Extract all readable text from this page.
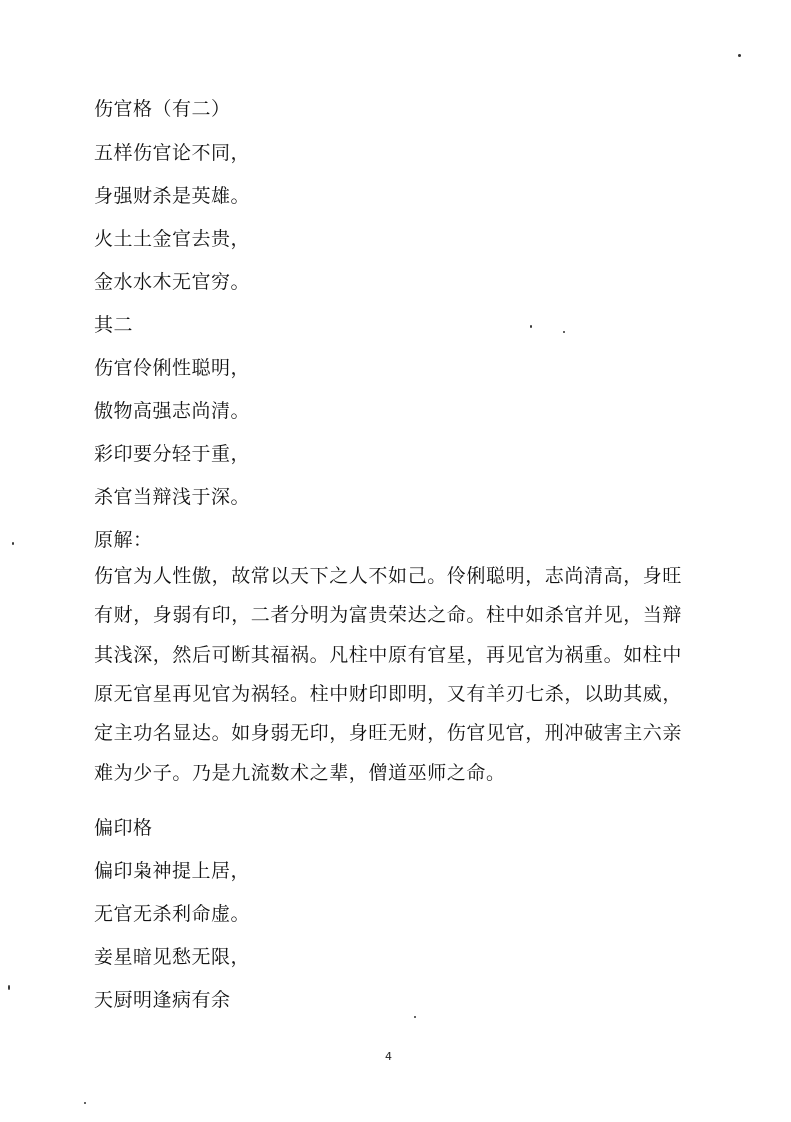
伤官格（有二）
五样伤官论不同，
身强财杀是英雄。
火土土金官去贵，
金水水木无官穷。
其二
伤官伶俐性聪明，
傲物高强志尚清。
彩印要分轻于重，
杀官当辩浅于深。
原解：
伤官为人性傲，故常以天下之人不如己。伶俐聪明，志尚清高，身旺
有财，身弱有印，二者分明为富贵荣达之命。柱中如杀官并见，当辩
其浅深，然后可断其福祸。凡柱中原有官星，再见官为祸重。如柱中
原无官星再见官为祸轻。柱中财印即明，又有羊刃七杀，以助其威，
定主功名显达。如身弱无印，身旺无财，伤官见官，刑冲破害主六亲
难为少子。乃是九流数术之辈，僧道巫师之命。
偏印格
偏印枭神提上居，
无官无杀利命虚。
妾星暗见愁无限，
天厨明逢病有余
4
